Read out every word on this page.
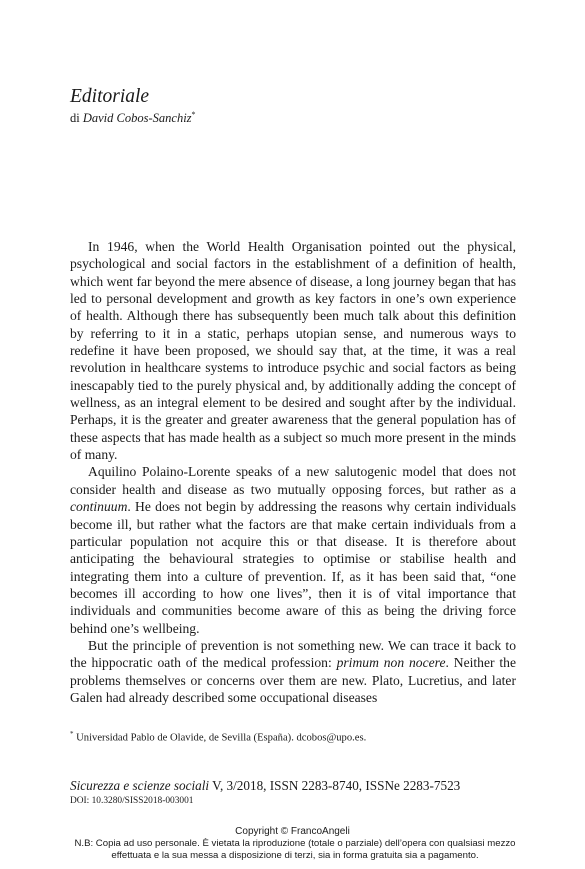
Editoriale
di David Cobos-Sanchiz*

In 1946, when the World Health Organisation pointed out the physical, psychological and social factors in the establishment of a definition of health, which went far beyond the mere absence of disease, a long journey began that has led to personal development and growth as key factors in one’s own experience of health. Although there has subsequently been much talk about this definition by referring to it in a static, perhaps utopian sense, and numerous ways to redefine it have been proposed, we should say that, at the time, it was a real revolution in healthcare systems to introduce psychic and social factors as being inescapably tied to the purely physical and, by additionally adding the concept of wellness, as an integral element to be desired and sought after by the individual. Perhaps, it is the greater and greater awareness that the general population has of these aspects that has made health as a subject so much more present in the minds of many.

Aquilino Polaino-Lorente speaks of a new salutogenic model that does not consider health and disease as two mutually opposing forces, but rather as a continuum. He does not begin by addressing the reasons why certain individuals become ill, but rather what the factors are that make certain individuals from a particular population not acquire this or that disease. It is therefore about anticipating the behavioural strategies to optimise or stabilise health and integrating them into a culture of prevention. If, as it has been said that, “one becomes ill according to how one lives”, then it is of vital importance that individuals and communities become aware of this as being the driving force behind one’s wellbeing.

But the principle of prevention is not something new. We can trace it back to the hippocratic oath of the medical profession: primum non nocere. Neither the problems themselves or concerns over them are new. Plato, Lucretius, and later Galen had already described some occupational diseases

* Universidad Pablo de Olavide, de Sevilla (España). dcobos@upo.es.
Sicurezza e scienze sociali V, 3/2018, ISSN 2283-8740, ISSNe 2283-7523
DOI: 10.3280/SISS2018-003001
Copyright © FrancoAngeli
N.B: Copia ad uso personale. È vietata la riproduzione (totale o parziale) dell’opera con qualsiasi mezzo effettuata e la sua messa a disposizione di terzi, sia in forma gratuita sia a pagamento.
